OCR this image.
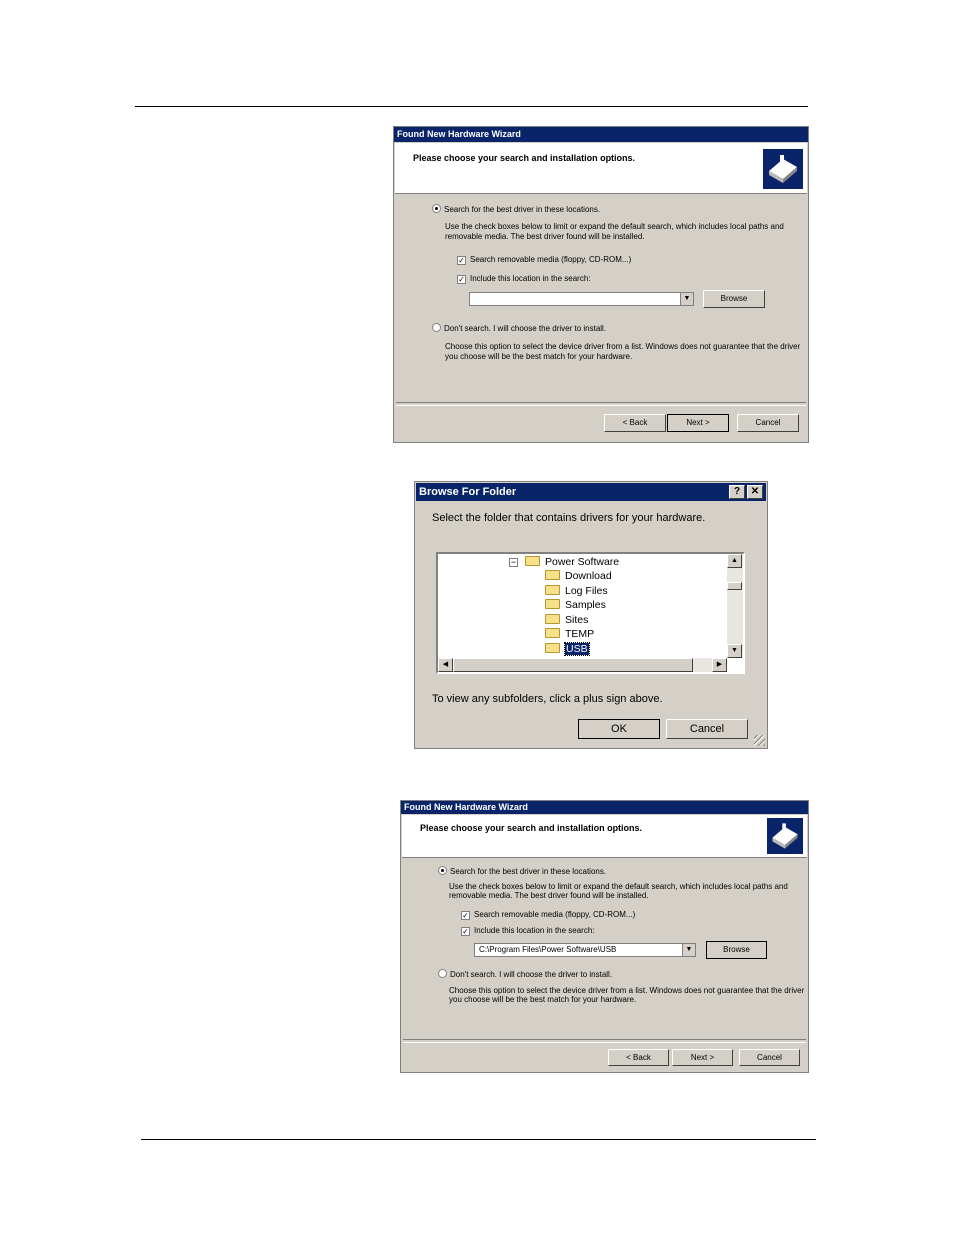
Found New Hardware Wizard
Please choose your search and installation options.
Search for the best driver in these locations.
Use the check boxes below to limit or expand the default search, which includes local paths and removable media. The best driver found will be installed.
✓ Search removable media (floppy, CD-ROM...)
✓ Include this location in the search:
▼	Browse
Don't search. I will choose the driver to install.
Choose this option to select the device driver from a list. Windows does not guarantee that the driver you choose will be the best match for your hardware.
< Back	Next >	Cancel
Browse For Folder	?	✕
Select the folder that contains drivers for your hardware.
−	Power Software
Download
Log Files
Samples
Sites
TEMP
USB
▲
▼
◀	▶
To view any subfolders, click a plus sign above.
OK	Cancel
Found New Hardware Wizard
Please choose your search and installation options.
Search for the best driver in these locations.
Use the check boxes below to limit or expand the default search, which includes local paths and removable media. The best driver found will be installed.
✓ Search removable media (floppy, CD-ROM...)
✓ Include this location in the search:
C:\Program Files\Power Software\USB	▼	Browse
Don't search. I will choose the driver to install.
Choose this option to select the device driver from a list. Windows does not guarantee that the driver you choose will be the best match for your hardware.
< Back	Next >	Cancel
